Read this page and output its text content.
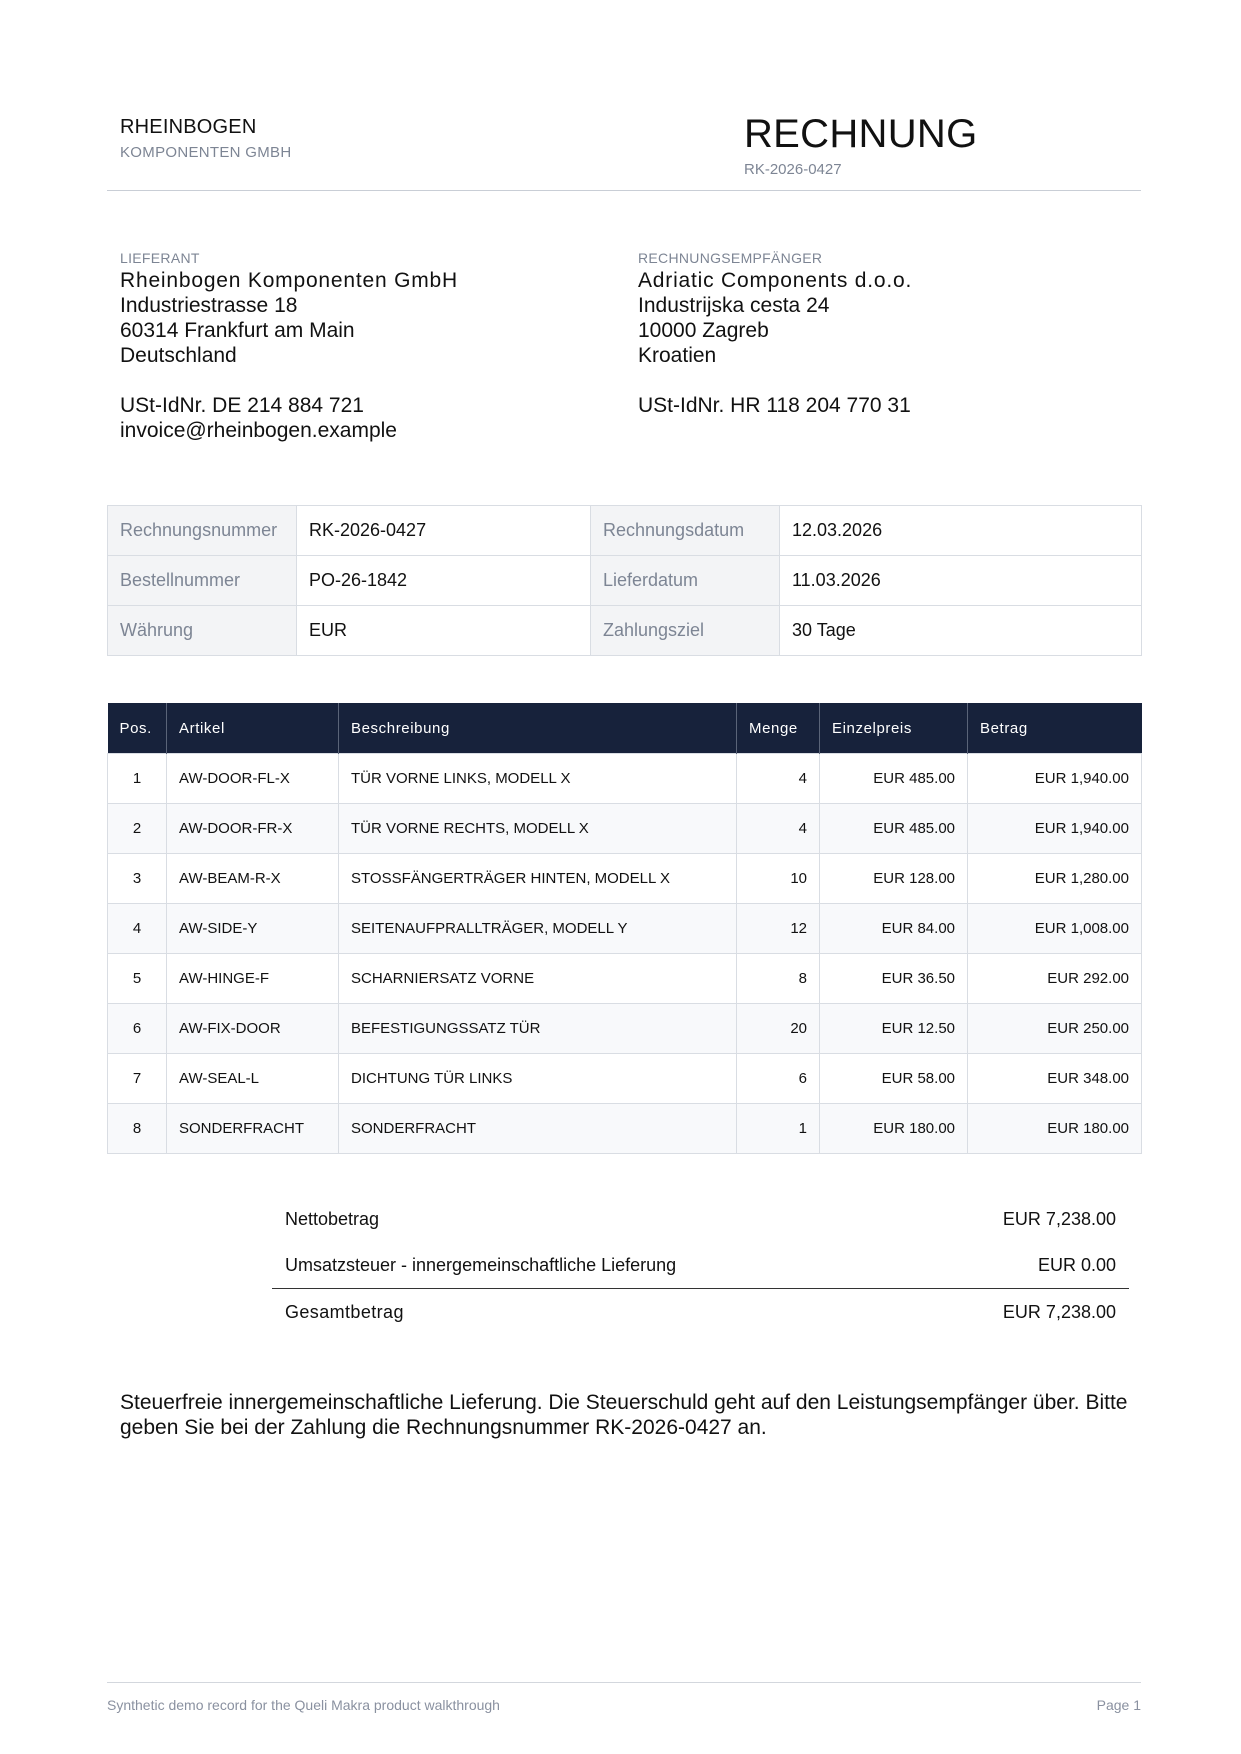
RHEINBOGEN
KOMPONENTEN GMBH	RECHNUNG
RK-2026-0427
LIEFERANT
Rheinbogen Komponenten GmbH
Industriestrasse 18
60314 Frankfurt am Main
Deutschland
USt-IdNr. DE 214 884 721
invoice@rheinbogen.example
RECHNUNGSEMPFÄNGER
Adriatic Components d.o.o.
Industrijska cesta 24
10000 Zagreb
Kroatien
USt-IdNr. HR 118 204 770 31
Rechnungsnummer	RK-2026-0427	Rechnungsdatum	12.03.2026
Bestellnummer	PO-26-1842	Lieferdatum	11.03.2026
Währung	EUR	Zahlungsziel	30 Tage
Pos.	Artikel	Beschreibung	Menge	Einzelpreis	Betrag
1	AW-DOOR-FL-X	TÜR VORNE LINKS, MODELL X	4	EUR 485.00	EUR 1,940.00
2	AW-DOOR-FR-X	TÜR VORNE RECHTS, MODELL X	4	EUR 485.00	EUR 1,940.00
3	AW-BEAM-R-X	STOSSFÄNGERTRÄGER HINTEN, MODELL X	10	EUR 128.00	EUR 1,280.00
4	AW-SIDE-Y	SEITENAUFPRALLTRÄGER, MODELL Y	12	EUR 84.00	EUR 1,008.00
5	AW-HINGE-F	SCHARNIERSATZ VORNE	8	EUR 36.50	EUR 292.00
6	AW-FIX-DOOR	BEFESTIGUNGSSATZ TÜR	20	EUR 12.50	EUR 250.00
7	AW-SEAL-L	DICHTUNG TÜR LINKS	6	EUR 58.00	EUR 348.00
8	SONDERFRACHT	SONDERFRACHT	1	EUR 180.00	EUR 180.00
Nettobetrag	EUR 7,238.00
Umsatzsteuer - innergemeinschaftliche Lieferung	EUR 0.00
Gesamtbetrag	EUR 7,238.00
Steuerfreie innergemeinschaftliche Lieferung. Die Steuerschuld geht auf den Leistungsempfänger über. Bitte geben Sie bei der Zahlung die Rechnungsnummer RK-2026-0427 an.
Synthetic demo record for the Queli Makra product walkthrough	Page 1
